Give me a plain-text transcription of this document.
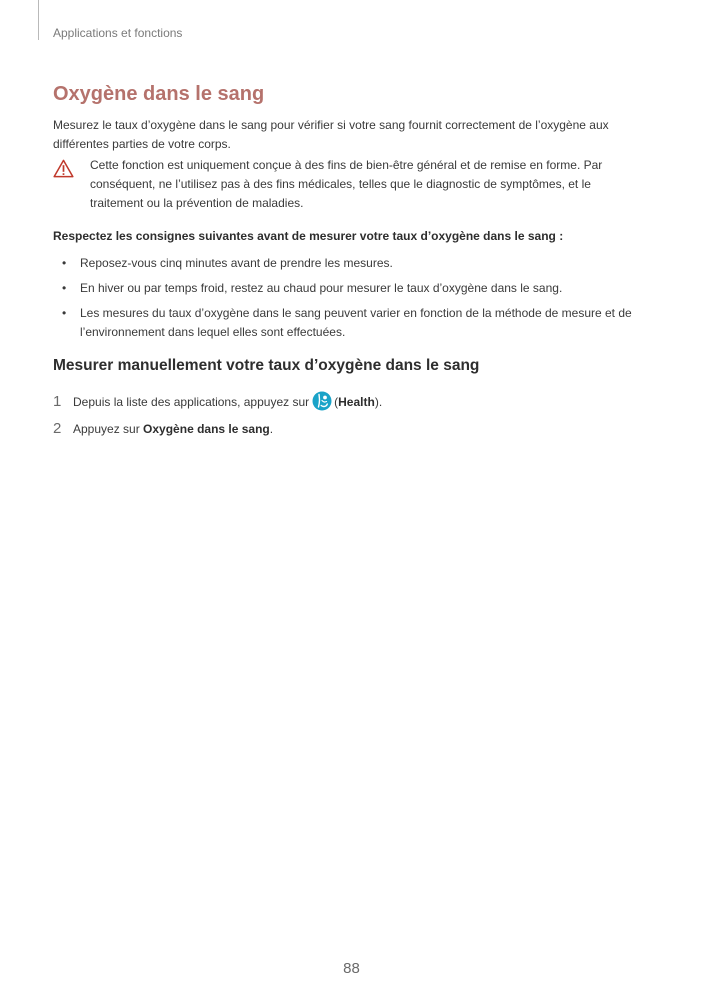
Applications et fonctions
Oxygène dans le sang
Mesurez le taux d’oxygène dans le sang pour vérifier si votre sang fournit correctement de l’oxygène aux différentes parties de votre corps.
Cette fonction est uniquement conçue à des fins de bien-être général et de remise en forme. Par conséquent, ne l’utilisez pas à des fins médicales, telles que le diagnostic de symptômes, et le traitement ou la prévention de maladies.
Respectez les consignes suivantes avant de mesurer votre taux d’oxygène dans le sang :
• Reposez-vous cinq minutes avant de prendre les mesures.
• En hiver ou par temps froid, restez au chaud pour mesurer le taux d’oxygène dans le sang.
• Les mesures du taux d’oxygène dans le sang peuvent varier en fonction de la méthode de mesure et de l’environnement dans lequel elles sont effectuées.
Mesurer manuellement votre taux d’oxygène dans le sang
1 Depuis la liste des applications, appuyez sur (Health).
2 Appuyez sur Oxygène dans le sang.
88
